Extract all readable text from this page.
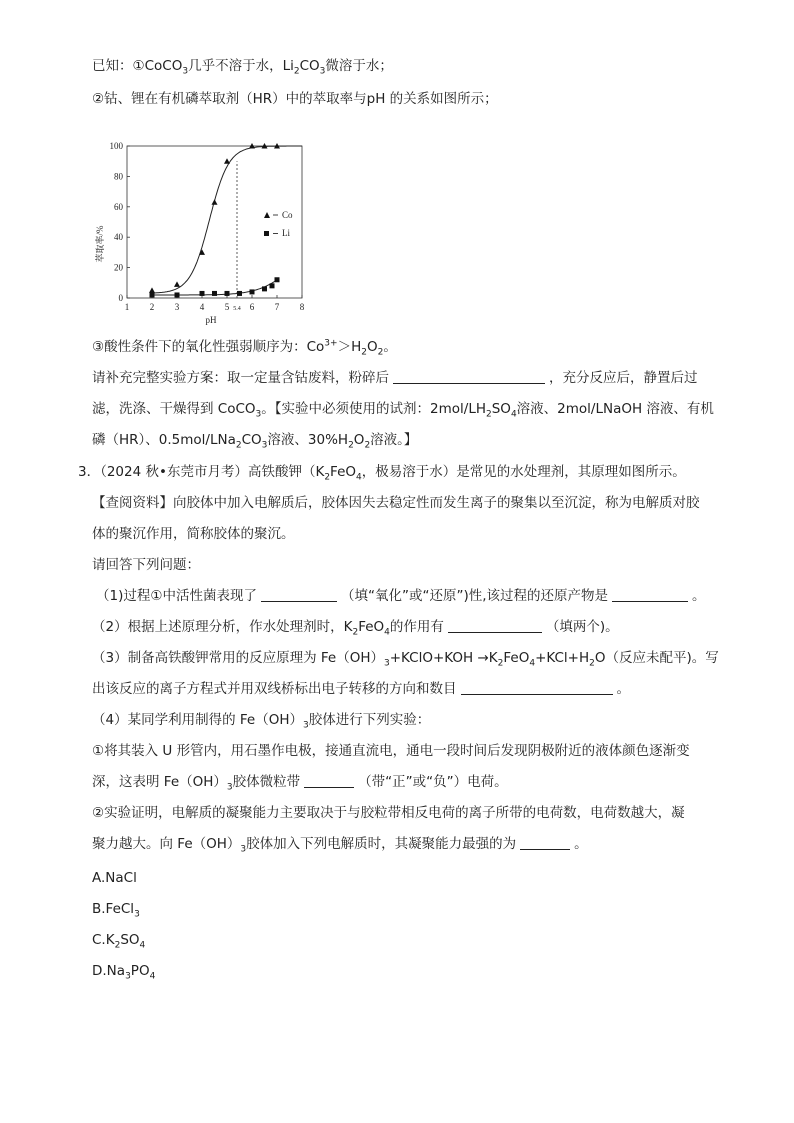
已知：①CoCO$_3$几乎不溶于水，$Li_2CO_3$微溶于水；
②钴、锂在有机磷萃取剂（HR）中的萃取率与pH 的关系如图所示；
1 2 3 4 5 5.4 6 7 8
0
20
40
60
80
100
萃取率/%
pH
Co
Li
③酸性条件下的氧化性强弱顺序为：$Co^{3+}>H_2O_2$。
请补充完整实验方案：取一定量含钴废料，粉碎后	，充分反应后，静置后过
滤，洗涤、干燥得到 CoCO$_3$。【实验中必须使用的试剂：$2mol/LH_2SO_4$溶液、2mol/LNaOH 溶液、有机
磷（HR）、$0.5mol/LNa_2CO_3$溶液、$30\%H_2O_2$溶液。】
3．（2024 秋•东莞市月考）高铁酸钾（$K_2FeO_4$，极易溶于水）是常见的水处理剂，其原理如图所示。
【查阅资料】向胶体中加入电解质后，胶体因失去稳定性而发生离子的聚集以至沉淀，称为电解质对胶
体的聚沉作用，简称胶体的聚沉。
请回答下列问题：
（1)过程①中活性菌表现了	（填“氧化”或“还原”)性,该过程的还原产物是	。
（2）根据上述原理分析，作水处理剂时，$K_2FeO_4$的作用有	（填两个)。
（3）制备高铁酸钾常用的反应原理为 $Fe(OH)_3+KClO+KOH \to K_2FeO_4+KCl+H_2O$（反应未配平)。写
出该反应的离子方程式并用双线桥标出电子转移的方向和数目	。
（4）某同学利用制得的 $Fe(OH)_3$胶体进行下列实验：
①将其装入 U 形管内，用石墨作电极，接通直流电，通电一段时间后发现阴极附近的液体颜色逐渐变
深，这表明 $Fe(OH)_3$胶体微粒带	（带“正”或“负”）电荷。
②实验证明，电解质的凝聚能力主要取决于与胶粒带相反电荷的离子所带的电荷数，电荷数越大，凝
聚力越大。向 $Fe(OH)_3$胶体加入下列电解质时，其凝聚能力最强的为	。
A.NaCl
B.FeCl$_3$
$C.K_2SO_4$
$D.Na_3PO_4$
